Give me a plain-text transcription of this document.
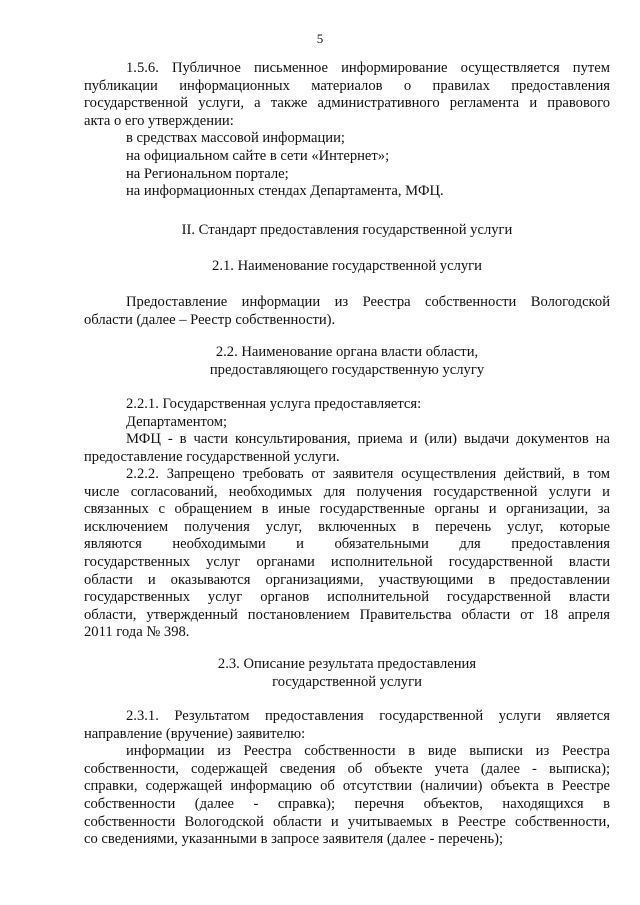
5
1.5.6. Публичное письменное информирование осуществляется путем
публикации информационных материалов о правилах предоставления
государственной услуги, а также административного регламента и правового
акта о его утверждении:
в средствах массовой информации;
на официальном сайте в сети «Интернет»;
на Региональном портале;
на информационных стендах Департамента, МФЦ.
II. Стандарт предоставления государственной услуги
2.1. Наименование государственной услуги
Предоставление информации из Реестра собственности Вологодской
области (далее – Реестр собственности).
2.2. Наименование органа власти области,
предоставляющего государственную услугу
2.2.1. Государственная услуга предоставляется:
Департаментом;
МФЦ - в части консультирования, приема и (или) выдачи документов на
предоставление государственной услуги.
2.2.2. Запрещено требовать от заявителя осуществления действий, в том
числе согласований, необходимых для получения государственной услуги и
связанных с обращением в иные государственные органы и организации, за
исключением получения услуг, включенных в перечень услуг, которые
являются необходимыми и обязательными для предоставления
государственных услуг органами исполнительной государственной власти
области и оказываются организациями, участвующими в предоставлении
государственных услуг органов исполнительной государственной власти
области, утвержденный постановлением Правительства области от 18 апреля
2011 года № 398.
2.3. Описание результата предоставления
государственной услуги
2.3.1. Результатом предоставления государственной услуги является
направление (вручение) заявителю:
информации из Реестра собственности в виде выписки из Реестра
собственности, содержащей сведения об объекте учета (далее - выписка);
справки, содержащей информацию об отсутствии (наличии) объекта в Реестре
собственности (далее - справка); перечня объектов, находящихся в
собственности Вологодской области и учитываемых в Реестре собственности,
со сведениями, указанными в запросе заявителя (далее - перечень);
